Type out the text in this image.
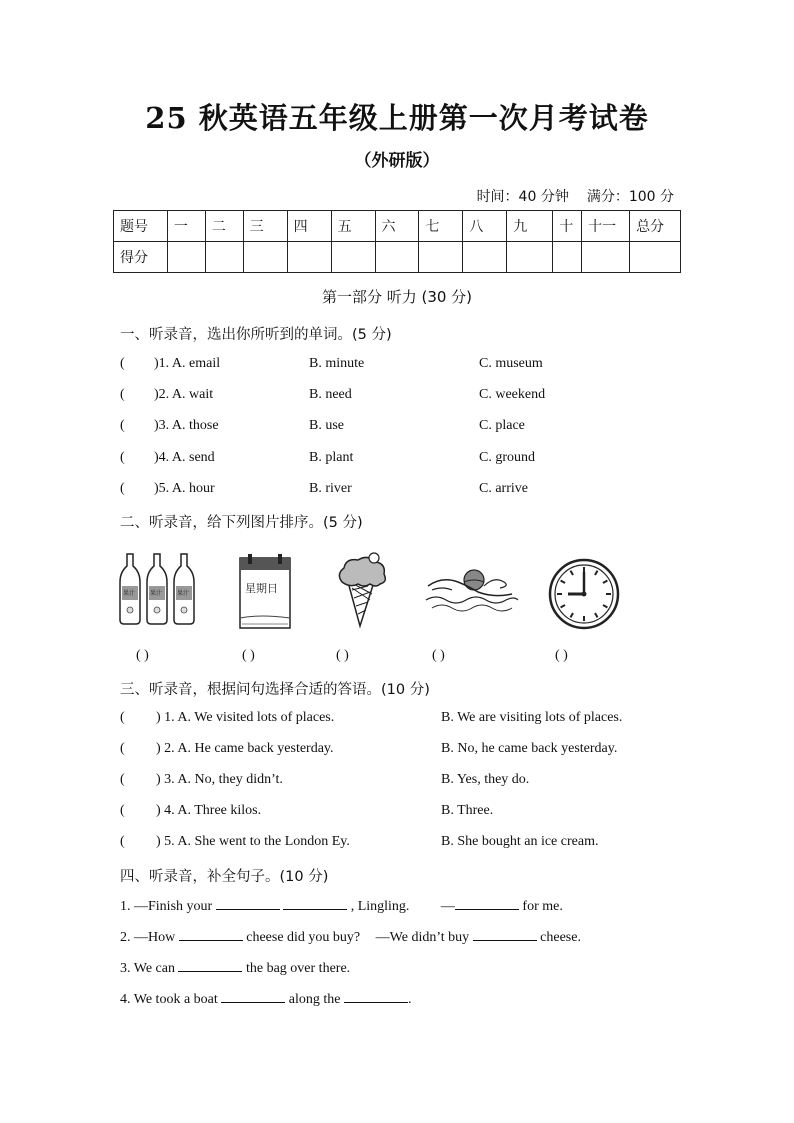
25 秋英语五年级上册第一次月考试卷
（外研版）
时间：40 分钟 满分：100 分
题号	一	二	三	四	五	六	七	八	九	十	十一	总分
得分												
第一部分 听力 (30 分)
一、听录音，选出你所听到的单词。(5 分)
( )1. A. email	B. minute	C. museum
( )2. A. wait	B. need	C. weekend
( )3. A. those	B. use	C. place
( )4. A. send	B. plant	C. ground
( )5. A. hour	B. river	C. arrive
二、听录音，给下列图片排序。(5 分)
果汁 果汁 果汁	星期日
( )	( )	( )	( )	( )
三、听录音，根据问句选择合适的答语。(10 分)
( ) 1. A. We visited lots of places.	B. We are visiting lots of places.
( ) 2. A. He came back yesterday.	B. No, he came back yesterday.
( ) 3. A. No, they didn’t.	B. Yes, they do.
( ) 4. A. Three kilos.	B. Three.
( ) 5. A. She went to the London Ey.	B. She bought an ice cream.
四、听录音，补全句子。(10 分)
1. —Finish your	, Lingling. —	for me.
2. —How	cheese did you buy? —We didn’t buy	cheese.
3. We can	the bag over there.
4. We took a boat	along the	.
